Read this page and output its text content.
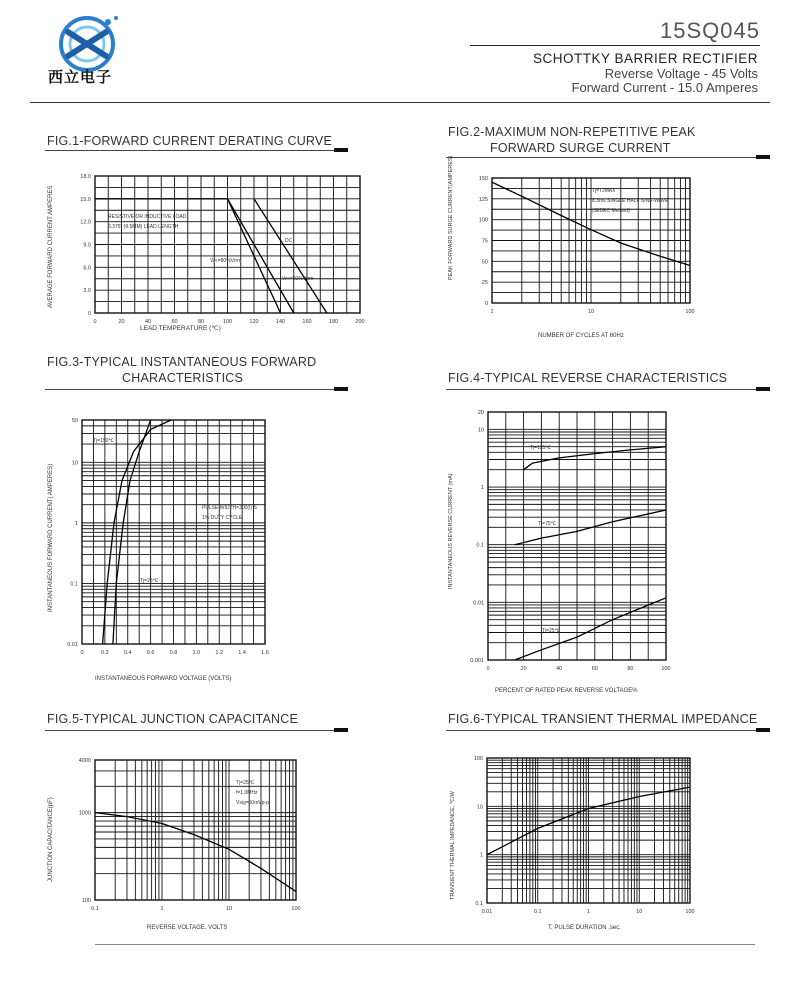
西立电子
15SQ045
SCHOTTKY BARRIER RECTIFIER
Reverse Voltage - 45 Volts
Forward Current - 15.0 Amperes
FIG.1-FORWARD CURRENT DERATING CURVE
FIG.2-MAXIMUM NON-REPETITIVE PEAK
FORWARD SURGE CURRENT
FIG.3-TYPICAL INSTANTANEOUS FORWARD
CHARACTERISTICS	FIG.4-TYPICAL REVERSE CHARACTERISTICS
FIG.5-TYPICAL JUNCTION CAPACITANCE	FIG.6-TYPICAL TRANSIENT THERMAL IMPEDANCE
0	20	40	60	80	100	120	140	160	180	200
0
3.0
6.0
9.0
12.0
15.0
18.0
AVERAGE FORWARD CURRENT AMPERES
LEAD TEMPERATURE (℃)
RESISTIVE OR INDUCTIVE LOAD
0.375" (9.5MM) LEAD LENGTH
DC
Vr<=80%Vrrm
Vr<=50%Vrrm
1	10	100
0
25
50
75
100
125
150
PEAK FORWARD SURGE CURRENT(AMPERES)
NUMBER OF CYCLES AT 60Hz
Tj=TJMAX
8.3ms SINGLE HALF SINE-WAVE
(JEDEC Method)
0	0.2	0.4	0.6	0.8	1.0	1.2	1.4	1.6
0.01
0.1
1
10
50
INSTANTANEOUS FORWARD CURRENT( AMPERES)
INSTANTANEOUS FORWARD VOLTAGE (VOLTS)
PULSE WIDTH=300(I) S
1% DUTY CYCLE
Tj=150℃
Tj=25℃
0	20	40	60	80	100
0.001
0.01
0.1
1
10
20
INSTANTANEOUS REVERSE CURRENT (mA)
PERCENT OF RATED PEAK REVERSE VOLTAGE%
Tj=125℃
Tj=75℃
Tj=25℃
0.1	1	10	100
100
1000
4000
JUNCTION CAPACITANCE(pF)
REVERSE VOLTAGE. VOLTS
Tj=25℃
f=1.0MHz
Vsig=50mVp-p
0.01	0.1	1	10	100
0.1
1
10
100
TRANSIENT THERMAL IMPEDANCE, ℃/W
T, PULSE DURATION ,sec.
